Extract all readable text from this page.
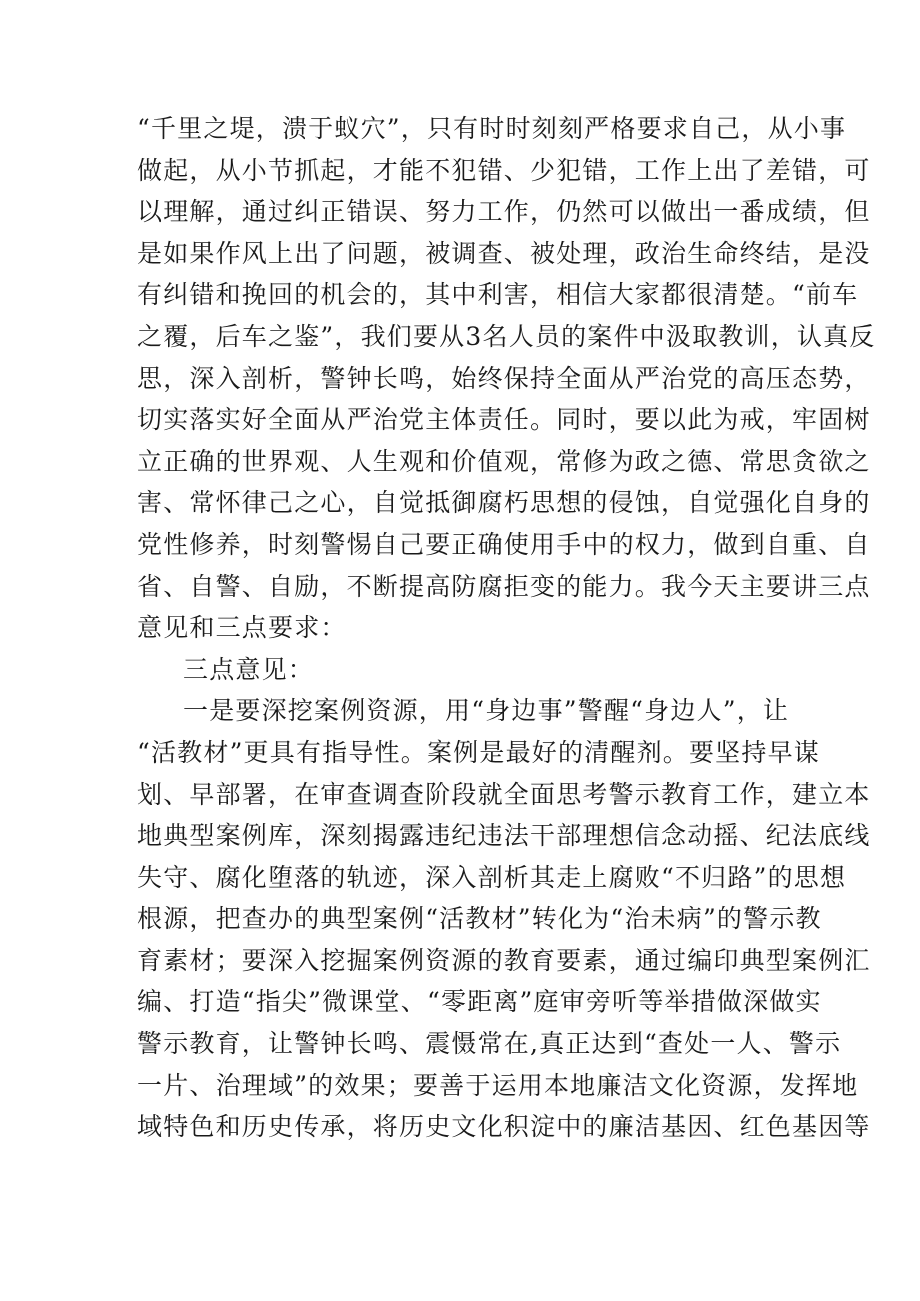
“千里之堤，溃于蚁穴”，只有时时刻刻严格要求自己，从小事
做起，从小节抓起，才能不犯错、少犯错，工作上出了差错，可
以理解，通过纠正错误、努力工作，仍然可以做出一番成绩，但
是如果作风上出了问题，被调查、被处理，政治生命终结，是没
有纠错和挽回的机会的，其中利害，相信大家都很清楚。“前车
之覆，后车之鉴”，我们要从3名人员的案件中汲取教训，认真反
思，深入剖析，警钟长鸣，始终保持全面从严治党的高压态势，
切实落实好全面从严治党主体责任。同时，要以此为戒，牢固树
立正确的世界观、人生观和价值观，常修为政之德、常思贪欲之
害、常怀律己之心，自觉抵御腐朽思想的侵蚀，自觉强化自身的
党性修养，时刻警惕自己要正确使用手中的权力，做到自重、自
省、自警、自励，不断提高防腐拒变的能力。我今天主要讲三点
意见和三点要求：
三点意见：
一是要深挖案例资源，用“身边事”警醒“身边人”，让
“活教材”更具有指导性。案例是最好的清醒剂。要坚持早谋
划、早部署，在审查调查阶段就全面思考警示教育工作，建立本
地典型案例库，深刻揭露违纪违法干部理想信念动摇、纪法底线
失守、腐化堕落的轨迹，深入剖析其走上腐败“不归路”的思想
根源，把查办的典型案例“活教材”转化为“治未病”的警示教
育素材；要深入挖掘案例资源的教育要素，通过编印典型案例汇
编、打造“指尖”微课堂、“零距离”庭审旁听等举措做深做实
警示教育，让警钟长鸣、震慑常在,真正达到“查处一人、警示
一片、治理域”的效果；要善于运用本地廉洁文化资源，发挥地
域特色和历史传承，将历史文化积淀中的廉洁基因、红色基因等
